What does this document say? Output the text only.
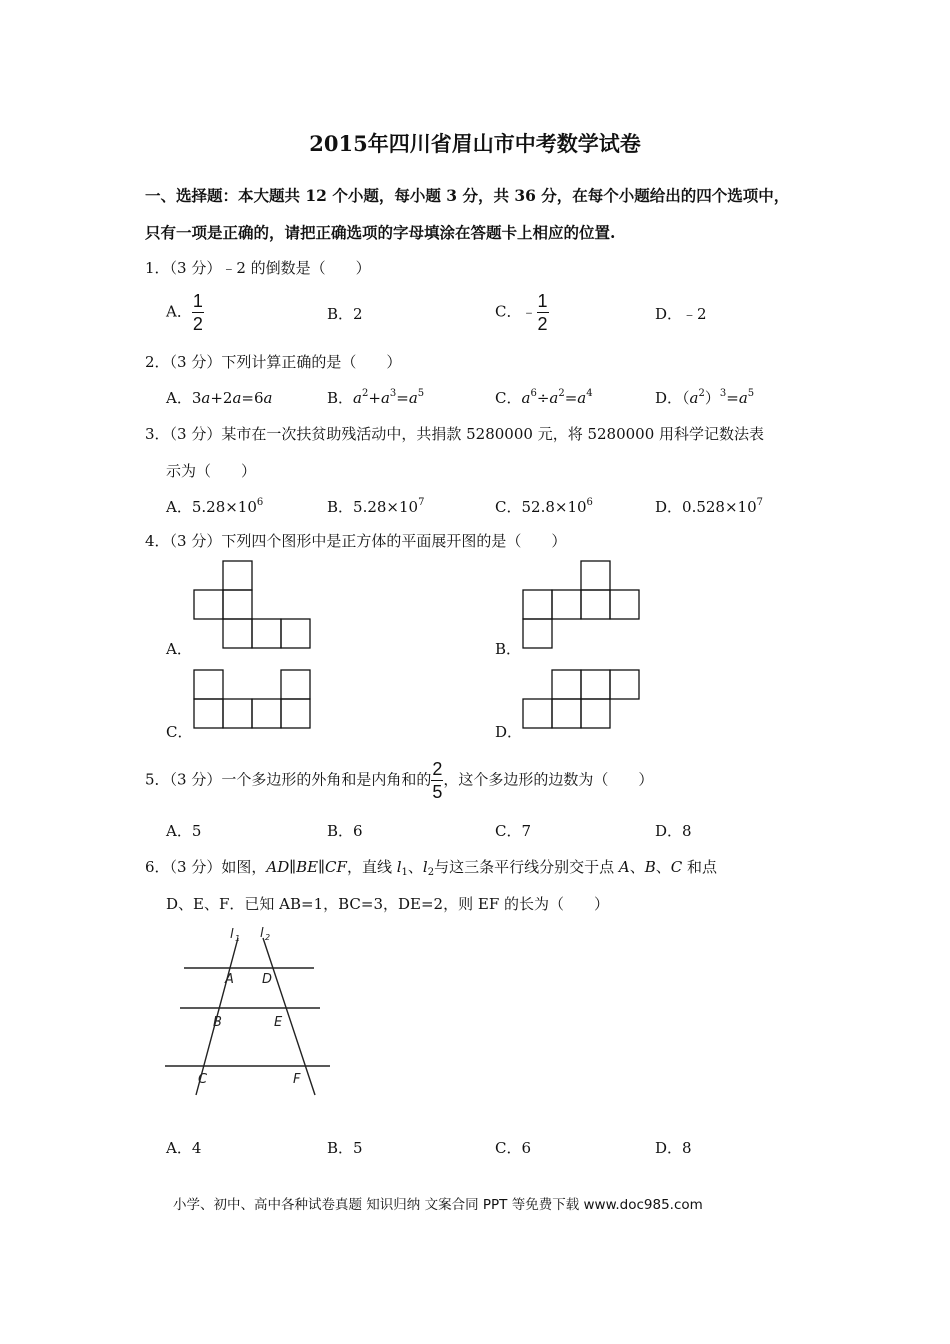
2015年四川省眉山市中考数学试卷
一、选择题：本大题共 12 个小题，每小题 3 分，共 36 分，在每个小题给出的四个选项中，
只有一项是正确的，请把正确选项的字母填涂在答题卡上相应的位置.
1．（3 分）﹣2 的倒数是（　　）
A． $\frac{1}{2}$	B．2	C．﹣ $\frac{1}{2}$	D．﹣2
2．（3 分）下列计算正确的是（　　）
A．3a+2a=6a	B．$a^2+a^3=a^5$	C．$a^6\div a^2=a^4$	D．$(a^2)^3=a^5$
3．（3 分）某市在一次扶贫助残活动中，共捐款 5280000 元，将 5280000 用科学记数法表
示为（　　）
A．$5.28\times 10^6$	B．$5.28\times 10^7$	C．$52.8\times 10^6$	D．$0.528\times 10^7$
4．（3 分）下列四个图形中是正方体的平面展开图的是（　　）
A．	B．
C．	D．
5．（3 分）一个多边形的外角和是内角和的 $\frac{2}{5}$ ，这个多边形的边数为（　　）
A．5	B．6	C．7	D．8
6．（3 分）如图，AD∥BE∥CF，直线 $l_1$、$l_2$与这三条平行线分别交于点 A、B、C 和点
D、E、F．已知 AB=1，BC=3，DE=2，则 EF 的长为（　　）
l 1 l 2
A D
B	E
C	F
A．4	B．5	C．6	D．8
小学、初中、高中各种试卷真题 知识归纳 文案合同 PPT 等免费下载 www.doc985.com
